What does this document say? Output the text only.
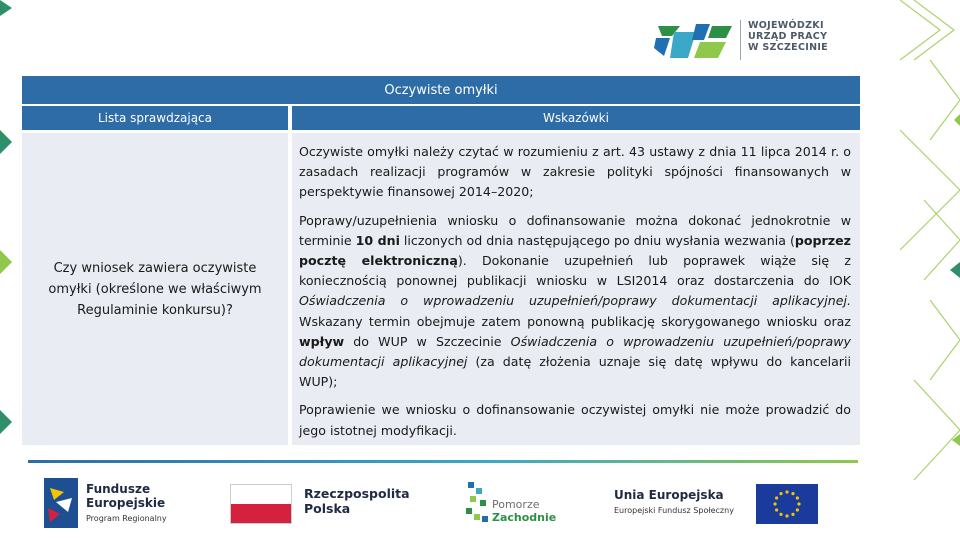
WOJEWÓDZKI
URZĄD PRACY
W SZCZECINIE
Oczywiste omyłki
Lista sprawdzająca	Wskazówki
Czy wniosek zawiera oczywiste omyłki (określone we właściwym Regulaminie konkursu)?

Oczywiste omyłki należy czytać w rozumieniu z art. 43 ustawy z dnia 11 lipca 2014 r. o zasadach realizacji programów w zakresie polityki spójności finansowanych w perspektywie finansowej 2014–2020;

Poprawy/uzupełnienia wniosku o dofinansowanie można dokonać jednokrotnie w terminie 10 dni liczonych od dnia następującego po dniu wysłania wezwania (poprzez pocztę elektroniczną). Dokonanie uzupełnień lub poprawek wiąże się z koniecznością ponownej publikacji wniosku w LSI2014 oraz dostarczenia do IOK Oświadczenia o wprowadzeniu uzupełnień/poprawy dokumentacji aplikacyjnej. Wskazany termin obejmuje zatem ponowną publikację skorygowanego wniosku oraz wpływ do WUP w Szczecinie Oświadczenia o wprowadzeniu uzupełnień/poprawy dokumentacji aplikacyjnej (za datę złożenia uznaje się datę wpływu do kancelarii WUP);

Poprawienie we wniosku o dofinansowanie oczywistej omyłki nie może prowadzić do jego istotnej modyfikacji.

Fundusze
Europejskie
Program Regionalny
Rzeczpospolita
Polska	Pomorze
Zachodnie
Unia Europejska
Europejski Fundusz Społeczny
